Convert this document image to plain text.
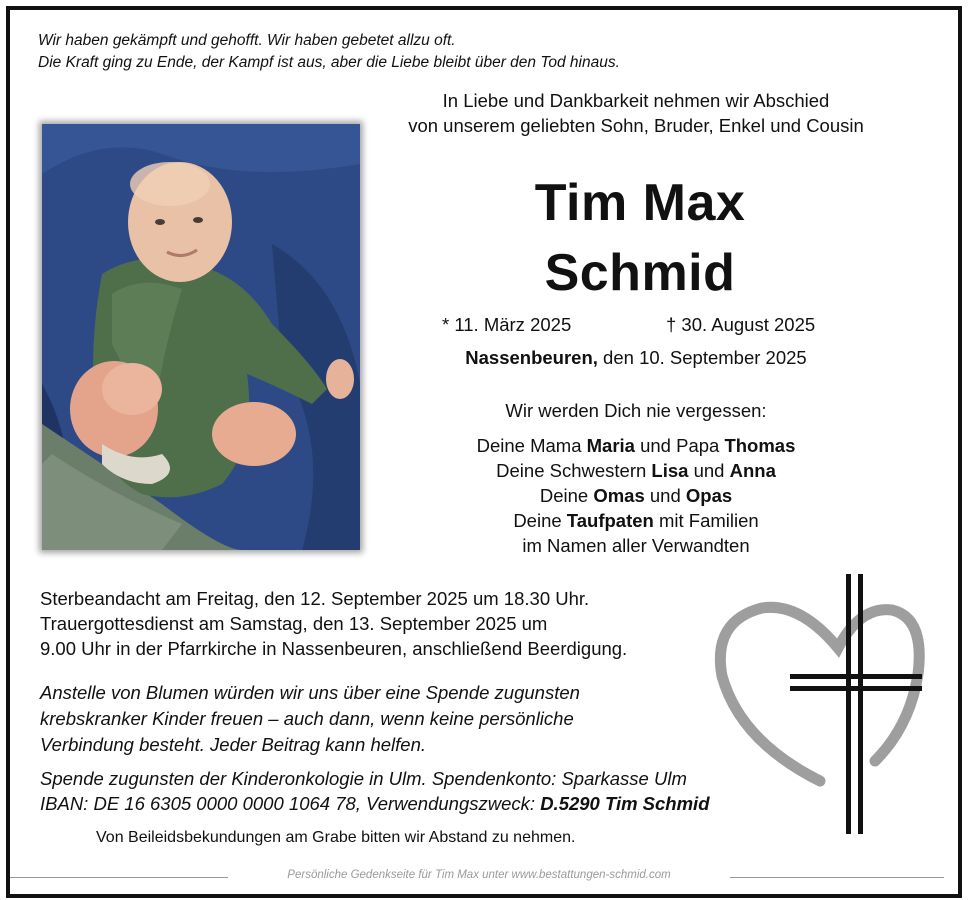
Wir haben gekämpft und gehofft. Wir haben gebetet allzu oft.
Die Kraft ging zu Ende, der Kampf ist aus, aber die Liebe bleibt über den Tod hinaus.
In Liebe und Dankbarkeit nehmen wir Abschied
von unserem geliebten Sohn, Bruder, Enkel und Cousin
Tim Max
Schmid
* 11. März 2025	† 30. August 2025
Nassenbeuren, den 10. September 2025
Wir werden Dich nie vergessen:
Deine Mama Maria und Papa Thomas
Deine Schwestern Lisa und Anna
Deine Omas und Opas
Deine Taufpaten mit Familien
im Namen aller Verwandten
Sterbeandacht am Freitag, den 12. September 2025 um 18.30 Uhr.
Trauergottesdienst am Samstag, den 13. September 2025 um
9.00 Uhr in der Pfarrkirche in Nassenbeuren, anschließend Beerdigung.
Anstelle von Blumen würden wir uns über eine Spende zugunsten
krebskranker Kinder freuen – auch dann, wenn keine persönliche
Verbindung besteht. Jeder Beitrag kann helfen.
Spende zugunsten der Kinderonkologie in Ulm. Spendenkonto: Sparkasse Ulm
IBAN: DE 16 6305 0000 0000 1064 78, Verwendungszweck: D.5290 Tim Schmid
Von Beileidsbekundungen am Grabe bitten wir Abstand zu nehmen.
Persönliche Gedenkseite für Tim Max unter www.bestattungen-schmid.com
